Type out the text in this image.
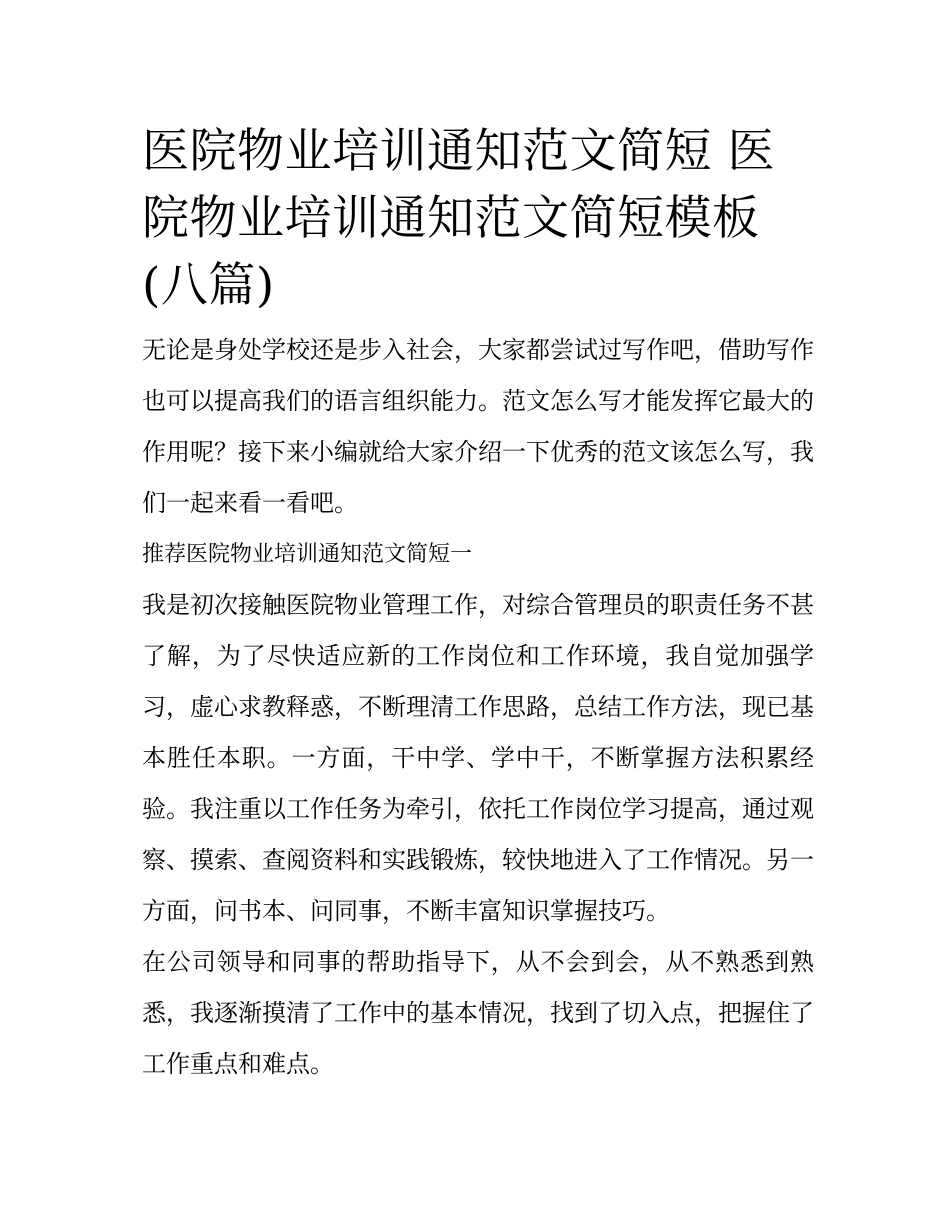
医院物业培训通知范文简短 医院物业培训通知范文简短模板(八篇)

无论是身处学校还是步入社会，大家都尝试过写作吧，借助写作也可以提高我们的语言组织能力。范文怎么写才能发挥它最大的作用呢？接下来小编就给大家介绍一下优秀的范文该怎么写，我们一起来看一看吧。

推荐医院物业培训通知范文简短一

我是初次接触医院物业管理工作，对综合管理员的职责任务不甚了解，为了尽快适应新的工作岗位和工作环境，我自觉加强学习，虚心求教释惑，不断理清工作思路，总结工作方法，现已基本胜任本职。一方面，干中学、学中干，不断掌握方法积累经验。我注重以工作任务为牵引，依托工作岗位学习提高，通过观察、摸索、查阅资料和实践锻炼，较快地进入了工作情况。另一方面，问书本、问同事，不断丰富知识掌握技巧。

在公司领导和同事的帮助指导下，从不会到会，从不熟悉到熟悉，我逐渐摸清了工作中的基本情况，找到了切入点，把握住了工作重点和难点。
